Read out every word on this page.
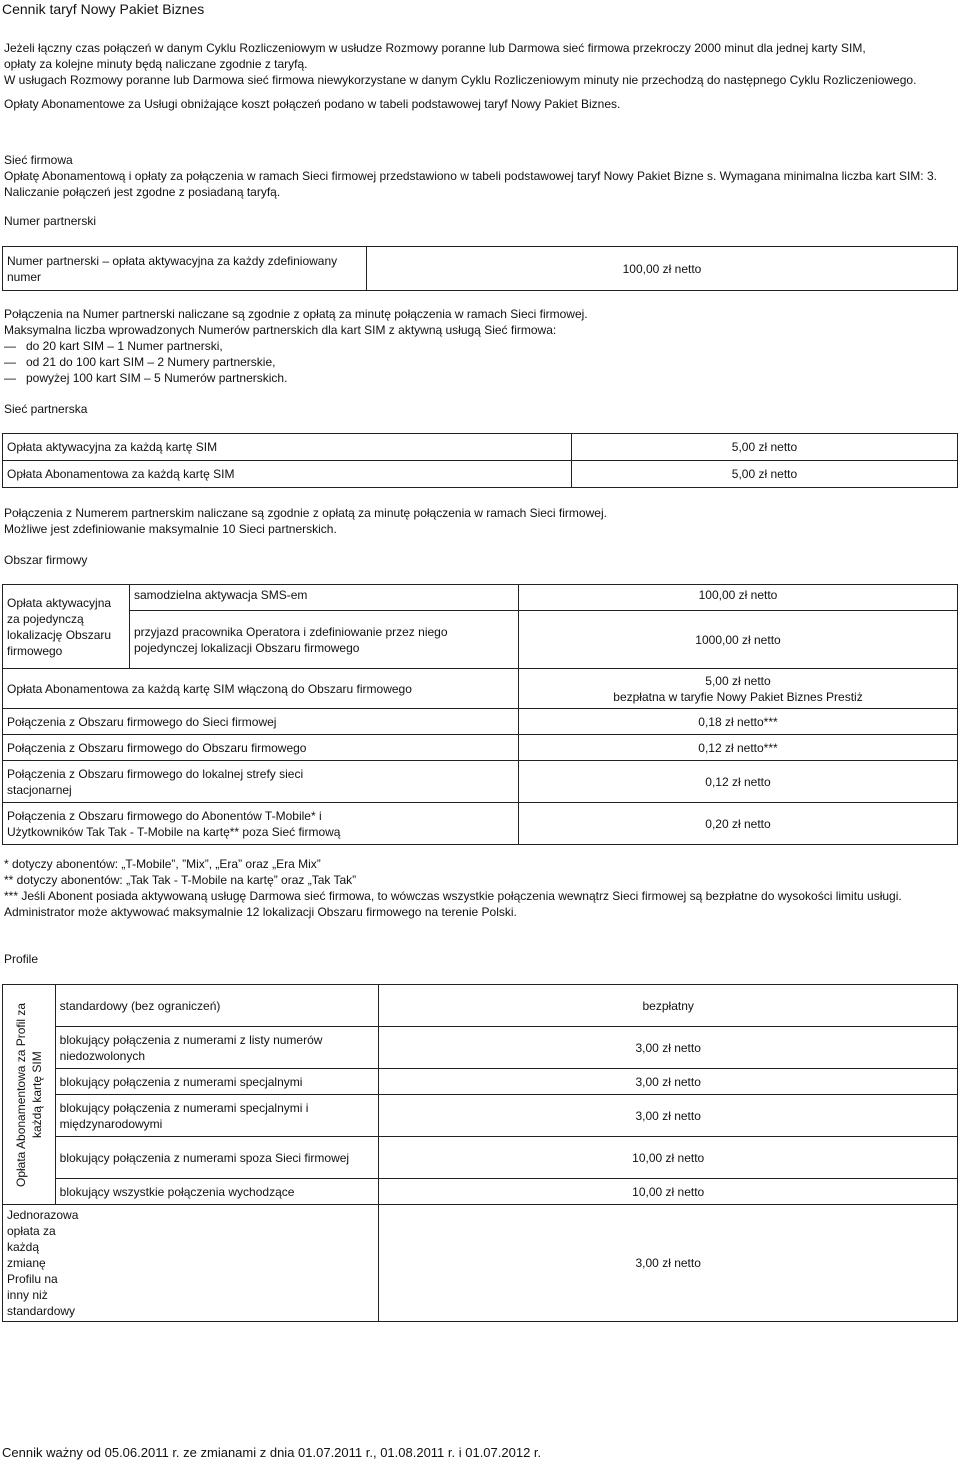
Cennik taryf Nowy Pakiet Biznes
Jeżeli łączny czas połączeń w danym Cyklu Rozliczeniowym w usłudze Rozmowy poranne lub Darmowa sieć firmowa przekroczy 2000 minut dla jednej karty SIM,
opłaty za kolejne minuty będą naliczane zgodnie z taryfą.
W usługach Rozmowy poranne lub Darmowa sieć firmowa niewykorzystane w danym Cyklu Rozliczeniowym minuty nie przechodzą do następnego Cyklu Rozliczeniowego.
Opłaty Abonamentowe za Usługi obniżające koszt połączeń podano w tabeli podstawowej taryf Nowy Pakiet Biznes.
Sieć firmowa
Opłatę Abonamentową i opłaty za połączenia w ramach Sieci firmowej przedstawiono w tabeli podstawowej taryf Nowy Pakiet Bizne s. Wymagana minimalna liczba kart SIM: 3. Naliczanie połączeń jest zgodne z posiadaną taryfą.
Numer partnerski
Numer partnerski – opłata aktywacyjna za każdy zdefiniowany numer	100,00 zł netto
Połączenia na Numer partnerski naliczane są zgodnie z opłatą za minutę połączenia w ramach Sieci firmowej.
Maksymalna liczba wprowadzonych Numerów partnerskich dla kart SIM z aktywną usługą Sieć firmowa:
— do 20 kart SIM – 1 Numer partnerski,
— od 21 do 100 kart SIM – 2 Numery partnerskie,
— powyżej 100 kart SIM – 5 Numerów partnerskich.
Sieć partnerska
Opłata aktywacyjna za każdą kartę SIM	5,00 zł netto
Opłata Abonamentowa za każdą kartę SIM	5,00 zł netto
Połączenia z Numerem partnerskim naliczane są zgodnie z opłatą za minutę połączenia w ramach Sieci firmowej.
Możliwe jest zdefiniowanie maksymalnie 10 Sieci partnerskich.
Obszar firmowy
Opłata aktywacyjna za pojedynczą lokalizację Obszaru firmowego	samodzielna aktywacja SMS-em	100,00 zł netto
	przyjazd pracownika Operatora i zdefiniowanie przez niego pojedynczej lokalizacji Obszaru firmowego	1000,00 zł netto
Opłata Abonamentowa za każdą kartę SIM włączoną do Obszaru firmowego		5,00 zł netto
bezpłatna w taryfie Nowy Pakiet Biznes Prestiż

Połączenia z Obszaru firmowego do Sieci firmowej		0,18 zł netto***
Połączenia z Obszaru firmowego do Obszaru firmowego		0,12 zł netto***
Połączenia z Obszaru firmowego do lokalnej strefy sieci stacjonarnej		0,12 zł netto
Połączenia z Obszaru firmowego do Abonentów T-Mobile* i Użytkowników Tak Tak - T-Mobile na kartę** poza Sieć firmową		0,20 zł netto
* dotyczy abonentów: „T-Mobile”, ”Mix”, „Era” oraz „Era Mix”
** dotyczy abonentów: „Tak Tak - T-Mobile na kartę” oraz „Tak Tak”
*** Jeśli Abonent posiada aktywowaną usługę Darmowa sieć firmowa, to wówczas wszystkie połączenia wewnątrz Sieci firmowej są bezpłatne do wysokości limitu usługi.
Administrator może aktywować maksymalnie 12 lokalizacji Obszaru firmowego na terenie Polski.
Profile
Opłata Abonamentowa za Profil za każdą kartę SIM	standardowy (bez ograniczeń)	bezpłatny
	blokujący połączenia z numerami z listy numerów niedozwolonych	3,00 zł netto
	blokujący połączenia z numerami specjalnymi	3,00 zł netto
	blokujący połączenia z numerami specjalnymi i międzynarodowymi	3,00 zł netto
	blokujący połączenia z numerami spoza Sieci firmowej	10,00 zł netto
	blokujący wszystkie połączenia wychodzące	10,00 zł netto
Jednorazowa opłata za każdą zmianę Profilu na inny niż standardowy		3,00 zł netto
Cennik ważny od 05.06.2011 r. ze zmianami z dnia 01.07.2011 r., 01.08.2011 r. i 01.07.2012 r.
